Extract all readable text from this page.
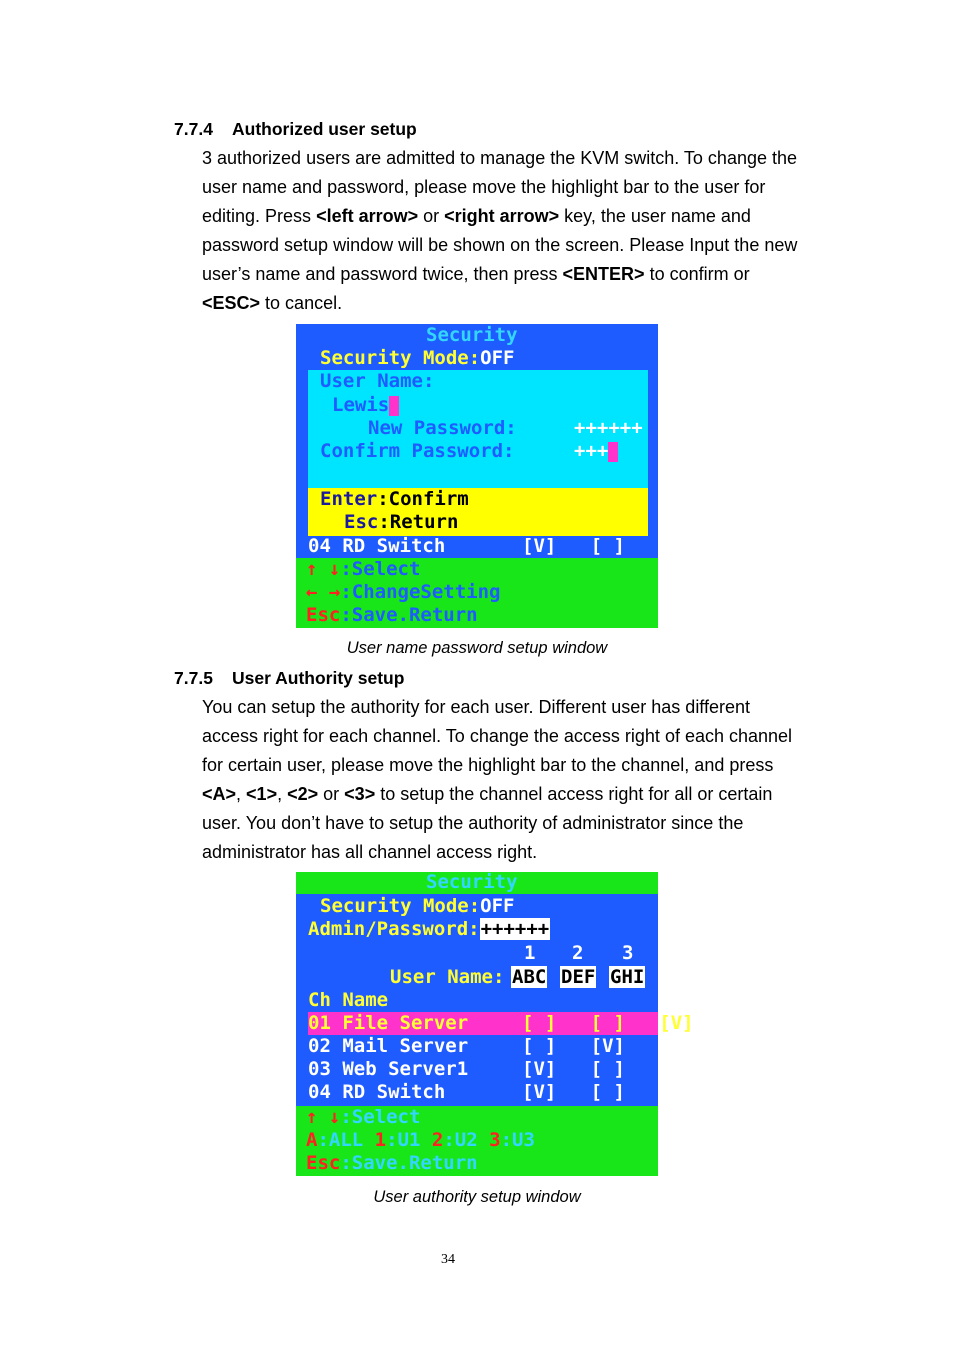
7.7.4 Authorized user setup

3 authorized users are admitted to manage the KVM switch. To change the

user name and password, please move the highlight bar to the user for

editing. Press <left arrow> or <right arrow> key, the user name and

password setup window will be shown on the screen. Please Input the new

user’s name and password twice, then press <ENTER> to confirm or

<ESC> to cancel.

Security
Security Mode:OFF
User Name:
Lewis
New Password:	++++++
Confirm Password:	+++
Enter:Confirm
Esc:Return
04 RD Switch	[V]   [ ]   [V]
↑ ↓:Select
← →:ChangeSetting
Esc:Save.Return
User name password setup window
7.7.5 User Authority setup

You can setup the authority for each user. Different user has different

access right for each channel. To change the access right of each channel

for certain user, please move the highlight bar to the channel, and press

<A>, <1>, <2> or <3> to setup the channel access right for all or certain

user. You don’t have to setup the authority of administrator since the

administrator has all channel access right.

Security
Security Mode:OFF
Admin/Password:++++++
1 2 3
User Name: ABC DEF GHI
Ch Name
01 File Server	[ ]   [ ]   [V]
02 Mail Server	[ ]   [V]   [V]
03 Web Server1	[V]   [ ]   [ ]
04 RD Switch	[V]   [ ]   [V]
↑ ↓:Select
A:ALL 1:U1 2:U2 3:U3
Esc:Save.Return
User authority setup window
34
